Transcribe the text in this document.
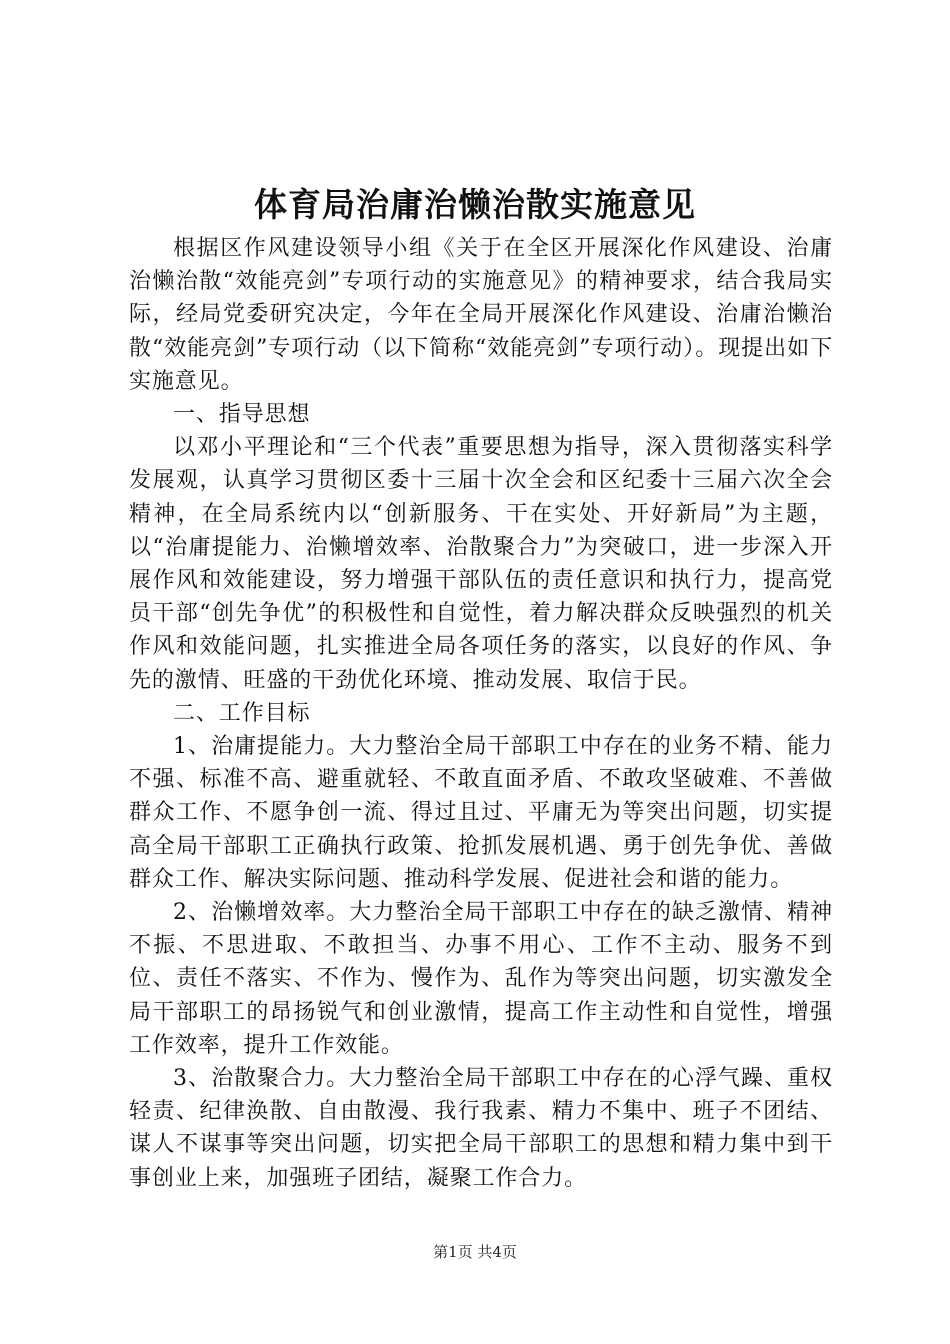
体育局治庸治懒治散实施意见

根据区作风建设领导小组《关于在全区开展深化作风建设、治庸治懒治散“效能亮剑”专项行动的实施意见》的精神要求，结合我局实际，经局党委研究决定，今年在全局开展深化作风建设、治庸治懒治散“效能亮剑”专项行动（以下简称“效能亮剑”专项行动）。现提出如下实施意见。

一、指导思想

以邓小平理论和“三个代表”重要思想为指导，深入贯彻落实科学发展观，认真学习贯彻区委十三届十次全会和区纪委十三届六次全会精神，在全局系统内以“创新服务、干在实处、开好新局”为主题，以“治庸提能力、治懒增效率、治散聚合力”为突破口，进一步深入开展作风和效能建设，努力增强干部队伍的责任意识和执行力，提高党员干部“创先争优”的积极性和自觉性，着力解决群众反映强烈的机关作风和效能问题，扎实推进全局各项任务的落实，以良好的作风、争先的激情、旺盛的干劲优化环境、推动发展、取信于民。

二、工作目标

1、治庸提能力。大力整治全局干部职工中存在的业务不精、能力不强、标准不高、避重就轻、不敢直面矛盾、不敢攻坚破难、不善做群众工作、不愿争创一流、得过且过、平庸无为等突出问题，切实提高全局干部职工正确执行政策、抢抓发展机遇、勇于创先争优、善做群众工作、解决实际问题、推动科学发展、促进社会和谐的能力。

2、治懒增效率。大力整治全局干部职工中存在的缺乏激情、精神不振、不思进取、不敢担当、办事不用心、工作不主动、服务不到位、责任不落实、不作为、慢作为、乱作为等突出问题，切实激发全局干部职工的昂扬锐气和创业激情，提高工作主动性和自觉性，增强工作效率，提升工作效能。

3、治散聚合力。大力整治全局干部职工中存在的心浮气躁、重权轻责、纪律涣散、自由散漫、我行我素、精力不集中、班子不团结、谋人不谋事等突出问题，切实把全局干部职工的思想和精力集中到干事创业上来，加强班子团结，凝聚工作合力。

第1页 共4页
